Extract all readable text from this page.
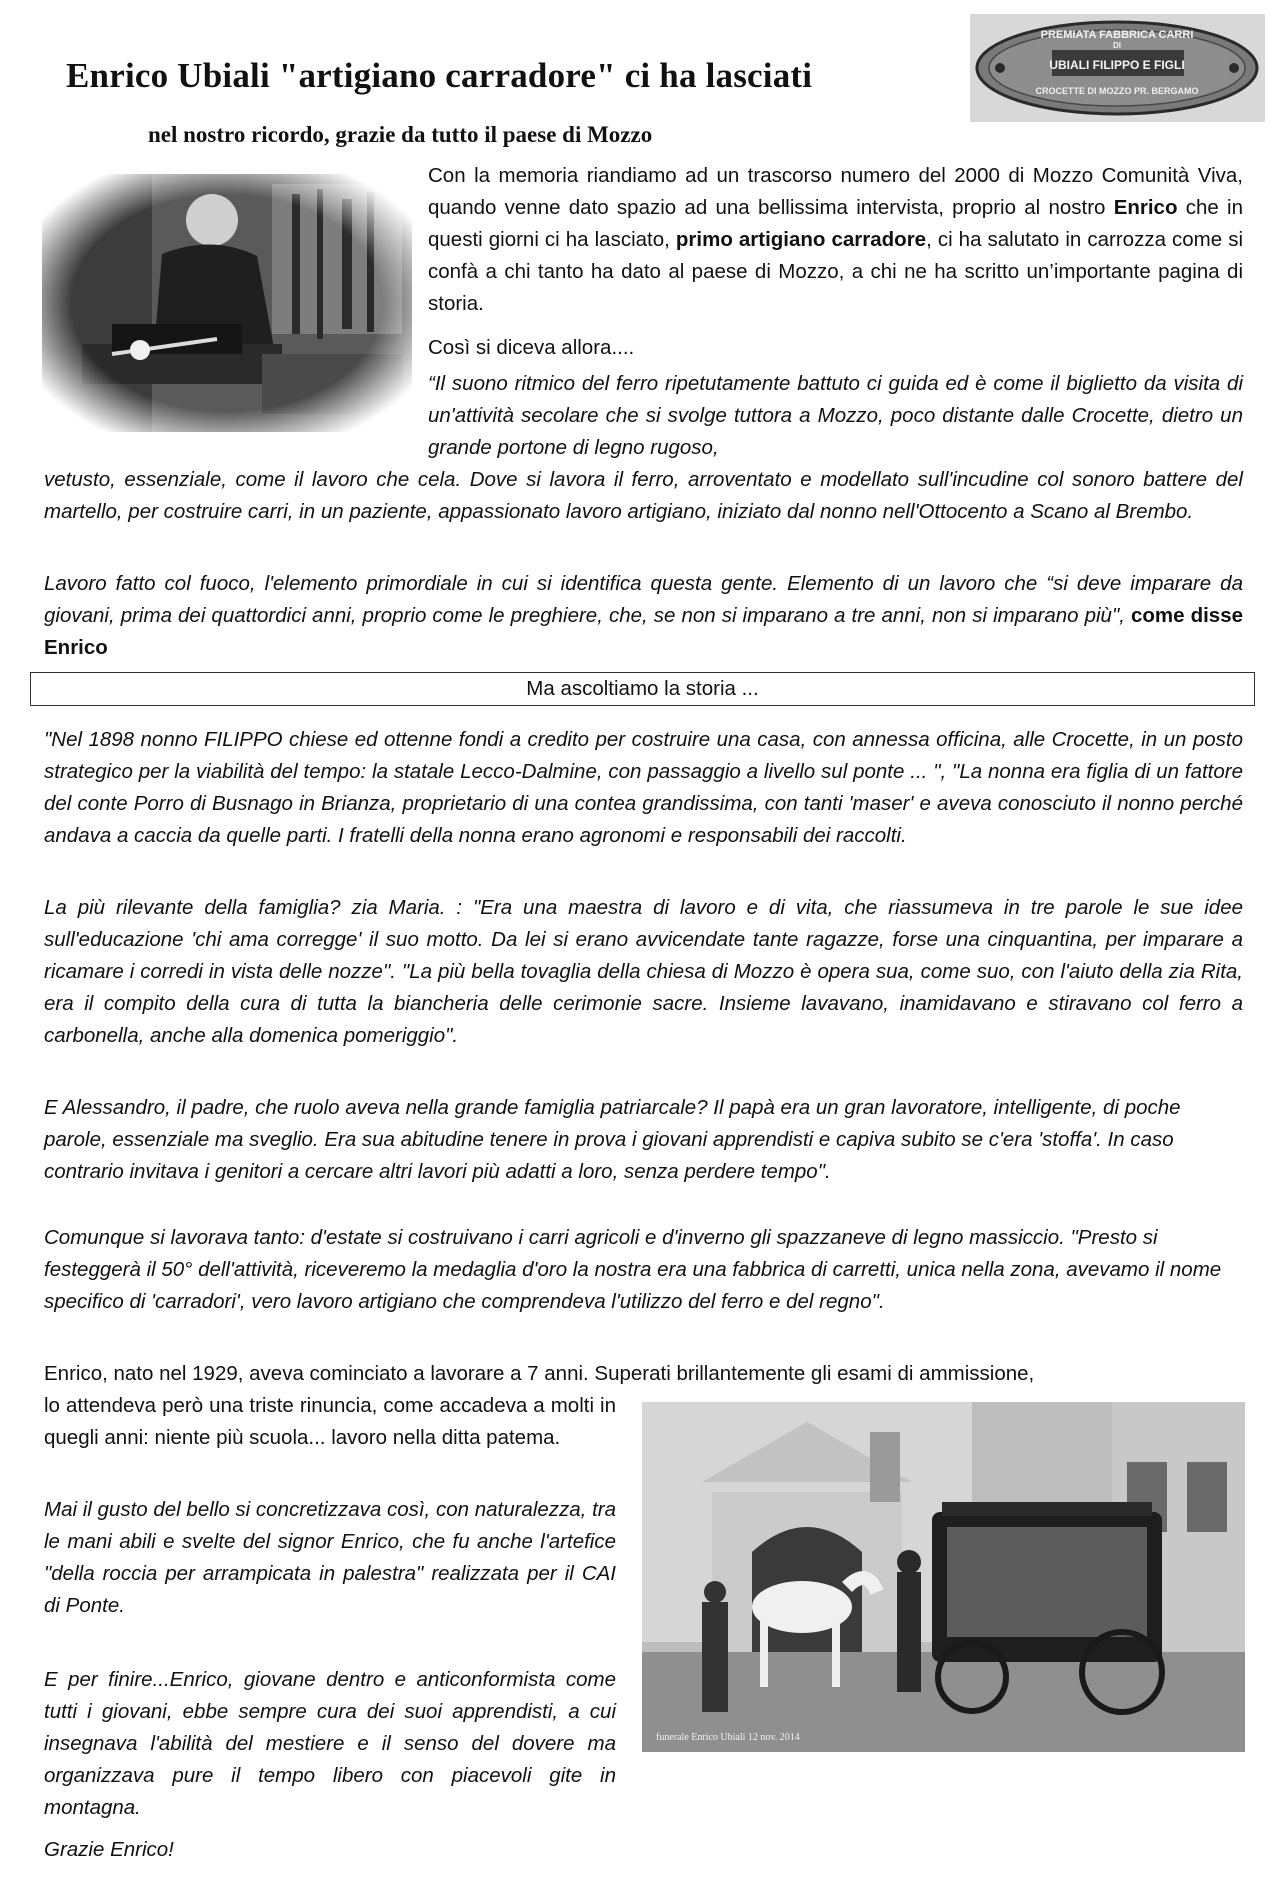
Enrico Ubiali "artigiano carradore" ci ha lasciati
nel nostro ricordo, grazie da tutto il paese di Mozzo
PREMIATA FABBRICA CARRI
DI
UBIALI FILIPPO E FIGLI
CROCETTE DI MOZZO PR. BERGAMO

Con la memoria riandiamo ad un trascorso numero del 2000 di Mozzo Comunità Viva, quando venne dato spazio ad una bellissima intervista, proprio al nostro Enrico che in questi giorni ci ha lasciato, primo artigiano carradore, ci ha salutato in carrozza come si confà a chi tanto ha dato al paese di Mozzo, a chi ne ha scritto un’importante pagina di storia.

Così si diceva allora....

“Il suono ritmico del ferro ripetutamente battuto ci guida ed è come il biglietto da visita di un'attività secolare che si svolge tuttora a Mozzo, poco distante dalle Crocette, dietro un grande portone di legno rugoso,

vetusto, essenziale, come il lavoro che cela. Dove si lavora il ferro, arroventato e modellato sull'incudine col sonoro battere del martello, per costruire carri, in un paziente, appassionato lavoro artigiano, iniziato dal nonno nell'Ottocento a Scano al Brembo.

Lavoro fatto col fuoco, l'elemento primordiale in cui si identifica questa gente. Elemento di un lavoro che “si deve imparare da giovani, prima dei quattordici anni, proprio come le preghiere, che, se non si imparano a tre anni, non si imparano più", come disse Enrico

Ma ascoltiamo la storia ...

"Nel 1898 nonno FILIPPO chiese ed ottenne fondi a credito per costruire una casa, con annessa officina, alle Crocette, in un posto strategico per la viabilità del tempo: la statale Lecco-Dalmine, con passaggio a livello sul ponte ... ", "La nonna era figlia di un fattore del conte Porro di Busnago in Brianza, proprietario di una contea grandissima, con tanti 'maser' e aveva conosciuto il nonno perché andava a caccia da quelle parti. I fratelli della nonna erano agronomi e responsabili dei raccolti.

La più rilevante della famiglia? zia Maria. : "Era una maestra di lavoro e di vita, che riassumeva in tre parole le sue idee sull'educazione 'chi ama corregge' il suo motto. Da lei si erano avvicendate tante ragazze, forse una cinquantina, per imparare a ricamare i corredi in vista delle nozze". "La più bella tovaglia della chiesa di Mozzo è opera sua, come suo, con l'aiuto della zia Rita, era il compito della cura di tutta la biancheria delle cerimonie sacre. Insieme lavavano, inamidavano e stiravano col ferro a carbonella, anche alla domenica pomeriggio".

E Alessandro, il padre, che ruolo aveva nella grande famiglia patriarcale? Il papà era un gran lavoratore, intelligente, di poche parole, essenziale ma sveglio. Era sua abitudine tenere in prova i giovani apprendisti e capiva subito se c'era 'stoffa'. In caso contrario invitava i genitori a cercare altri lavori più adatti a loro, senza perdere tempo".

Comunque si lavorava tanto: d'estate si costruivano i carri agricoli e d'inverno gli spazzaneve di legno massiccio. "Presto si festeggerà il 50° dell'attività, riceveremo la medaglia d'oro la nostra era una fabbrica di carretti, unica nella zona, avevamo il nome specifico di 'carradori', vero lavoro artigiano che comprendeva l'utilizzo del ferro e del regno".

Enrico, nato nel 1929, aveva cominciato a lavorare a 7 anni. Superati brillantemente gli esami di ammissione,

lo attendeva però una triste rinuncia, come accadeva a molti in quegli anni: niente più scuola... lavoro nella ditta patema.

Mai il gusto del bello si concretizzava così, con naturalezza, tra le mani abili e svelte del signor Enrico, che fu anche l'artefice "della roccia per arrampicata in palestra" realizzata per il CAI di Ponte.

E per finire...Enrico, giovane dentro e anticonformista come tutti i giovani, ebbe sempre cura dei suoi apprendisti, a cui insegnava l'abilità del mestiere e il senso del dovere ma organizzava pure il tempo libero con piacevoli gite in montagna.

Grazie Enrico!

funerale Enrico Ubiali 12 nov. 2014
